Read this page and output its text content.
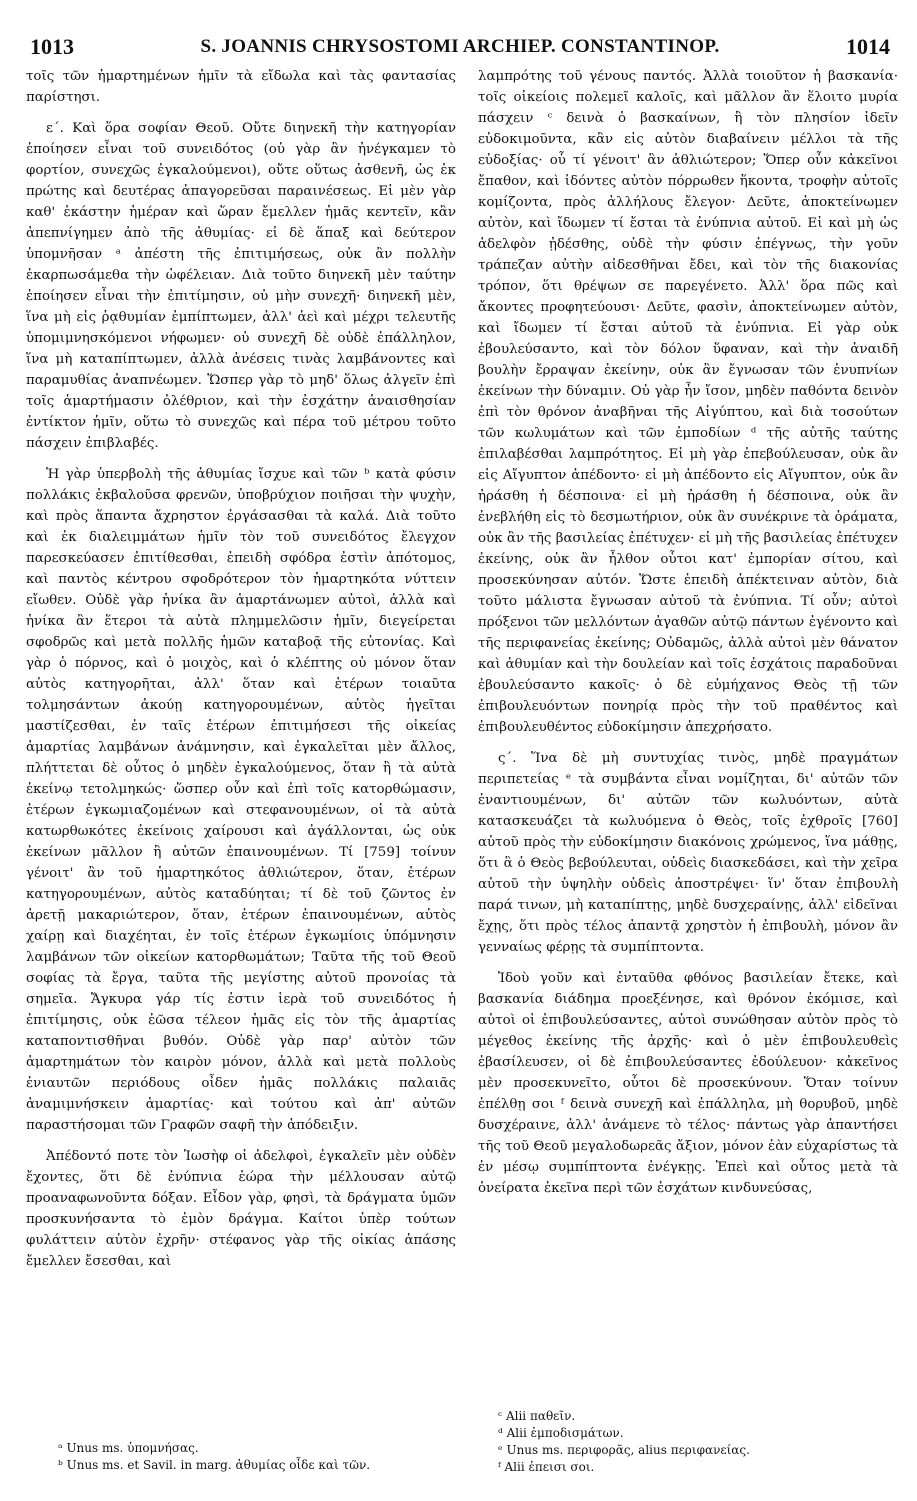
1013	S. JOANNIS CHRYSOSTOMI ARCHIEP. CONSTANTINOP.	1014

τοῖς τῶν ἡμαρτημένων ἡμῖν τὰ εἴδωλα καὶ τὰς φαντασίας παρίστησι.

ε΄. Καὶ ὅρα σοφίαν Θεοῦ. Οὔτε διηνεκῆ τὴν κατηγορίαν ἐποίησεν εἶναι τοῦ συνειδότος (οὐ γὰρ ἂν ἠνέγκαμεν τὸ φορτίον, συνεχῶς ἐγκαλούμενοι), οὔτε οὕτως ἀσθενῆ, ὡς ἐκ πρώτης καὶ δευτέρας ἀπαγορεῦσαι παραινέσεως. Εἰ μὲν γὰρ καθ' ἑκάστην ἡμέραν καὶ ὥραν ἔμελλεν ἡμᾶς κεντεῖν, κἂν ἀπεπνίγημεν ἀπὸ τῆς ἀθυμίας· εἰ δὲ ἅπαξ καὶ δεύτερον ὑπομνῆσαν ᵃ ἀπέστη τῆς ἐπιτιμήσεως, οὐκ ἂν πολλὴν ἐκαρπωσάμεθα τὴν ὠφέλειαν. Διὰ τοῦτο διηνεκῆ μὲν ταύτην ἐποίησεν εἶναι τὴν ἐπιτίμησιν, οὐ μὴν συνεχῆ· διηνεκῆ μὲν, ἵνα μὴ εἰς ῥᾳθυμίαν ἐμπίπτωμεν, ἀλλ' ἀεὶ καὶ μέχρι τελευτῆς ὑπομιμνησκόμενοι νήφωμεν· οὐ συνεχῆ δὲ οὐδὲ ἐπάλληλον, ἵνα μὴ καταπίπτωμεν, ἀλλὰ ἀνέσεις τινὰς λαμβάνοντες καὶ παραμυθίας ἀναπνέωμεν. Ὥσπερ γὰρ τὸ μηδ' ὅλως ἀλγεῖν ἐπὶ τοῖς ἁμαρτήμασιν ὀλέθριον, καὶ τὴν ἐσχάτην ἀναισθησίαν ἐντίκτον ἡμῖν, οὕτω τὸ συνεχῶς καὶ πέρα τοῦ μέτρου τοῦτο πάσχειν ἐπιβλαβές.

Ἡ γὰρ ὑπερβολὴ τῆς ἀθυμίας ἴσχυε καὶ τῶν ᵇ κατὰ φύσιν πολλάκις ἐκβαλοῦσα φρενῶν, ὑποβρύχιον ποιῆσαι τὴν ψυχὴν, καὶ πρὸς ἅπαντα ἄχρηστον ἐργάσασθαι τὰ καλά. Διὰ τοῦτο καὶ ἐκ διαλειμμάτων ἡμῖν τὸν τοῦ συνειδότος ἔλεγχον παρεσκεύασεν ἐπιτίθεσθαι, ἐπειδὴ σφόδρα ἐστὶν ἀπότομος, καὶ παντὸς κέντρου σφοδρότερον τὸν ἡμαρτηκότα νύττειν εἴωθεν. Οὐδὲ γὰρ ἡνίκα ἂν ἁμαρτάνωμεν αὐτοὶ, ἀλλὰ καὶ ἡνίκα ἂν ἕτεροι τὰ αὐτὰ πλημμελῶσιν ἡμῖν, διεγείρεται σφοδρῶς καὶ μετὰ πολλῆς ἡμῶν καταβοᾷ τῆς εὐτονίας. Καὶ γὰρ ὁ πόρνος, καὶ ὁ μοιχὸς, καὶ ὁ κλέπτης οὐ μόνον ὅταν αὐτὸς κατηγορῆται, ἀλλ' ὅταν καὶ ἑτέρων τοιαῦτα τολμησάντων ἀκούῃ κατηγορουμένων, αὐτὸς ἡγεῖται μαστίζεσθαι, ἐν ταῖς ἑτέρων ἐπιτιμήσεσι τῆς οἰκείας ἁμαρτίας λαμβάνων ἀνάμνησιν, καὶ ἐγκαλεῖται μὲν ἄλλος, πλήττεται δὲ οὗτος ὁ μηδὲν ἐγκαλούμενος, ὅταν ἢ τὰ αὐτὰ ἐκείνῳ τετολμηκώς· ὥσπερ οὖν καὶ ἐπὶ τοῖς κατορθώμασιν, ἑτέρων ἐγκωμιαζομένων καὶ στεφανουμένων, οἱ τὰ αὐτὰ κατωρθωκότες ἐκείνοις χαίρουσι καὶ ἀγάλλονται, ὡς οὐκ ἐκείνων μᾶλλον ἢ αὐτῶν ἐπαινουμένων. Τί [759] τοίνυν γένοιτ' ἂν τοῦ ἡμαρτηκότος ἀθλιώτερον, ὅταν, ἑτέρων κατηγορουμένων, αὐτὸς καταδύηται; τί δὲ τοῦ ζῶντος ἐν ἀρετῇ μακαριώτερον, ὅταν, ἑτέρων ἐπαινουμένων, αὐτὸς χαίρῃ καὶ διαχέηται, ἐν τοῖς ἑτέρων ἐγκωμίοις ὑπόμνησιν λαμβάνων τῶν οἰκείων κατορθωμάτων; Ταῦτα τῆς τοῦ Θεοῦ σοφίας τὰ ἔργα, ταῦτα τῆς μεγίστης αὐτοῦ προνοίας τὰ σημεῖα. Ἄγκυρα γάρ τίς ἐστιν ἱερὰ τοῦ συνειδότος ἡ ἐπιτίμησις, οὐκ ἐῶσα τέλεον ἡμᾶς εἰς τὸν τῆς ἁμαρτίας καταποντισθῆναι βυθόν. Οὐδὲ γὰρ παρ' αὐτὸν τῶν ἁμαρτημάτων τὸν καιρὸν μόνον, ἀλλὰ καὶ μετὰ πολλοὺς ἐνιαυτῶν περιόδους οἶδεν ἡμᾶς πολλάκις παλαιᾶς ἀναμιμνήσκειν ἁμαρτίας· καὶ τούτου καὶ ἀπ' αὐτῶν παραστήσομαι τῶν Γραφῶν σαφῆ τὴν ἀπόδειξιν.

Ἀπέδοντό ποτε τὸν Ἰωσὴφ οἱ ἀδελφοὶ, ἐγκαλεῖν μὲν οὐδὲν ἔχοντες, ὅτι δὲ ἐνύπνια ἑώρα τὴν μέλλουσαν αὐτῷ προαναφωνοῦντα δόξαν. Εἶδον γὰρ, φησὶ, τὰ δράγματα ὑμῶν προσκυνήσαντα τὸ ἐμὸν δράγμα. Καίτοι ὑπὲρ τούτων φυλάττειν αὐτὸν ἐχρῆν· στέφανος γὰρ τῆς οἰκίας ἁπάσης ἔμελλεν ἔσεσθαι, καὶ

λαμπρότης τοῦ γένους παντός. Ἀλλὰ τοιοῦτον ἡ βασκανία· τοῖς οἰκείοις πολεμεῖ καλοῖς, καὶ μᾶλλον ἂν ἕλοιτο μυρία πάσχειν ᶜ δεινὰ ὁ βασκαίνων, ἢ τὸν πλησίον ἰδεῖν εὐδοκιμοῦντα, κἂν εἰς αὐτὸν διαβαίνειν μέλλοι τὰ τῆς εὐδοξίας· οὗ τί γένοιτ' ἂν ἀθλιώτερον; Ὅπερ οὖν κἀκεῖνοι ἔπαθον, καὶ ἰδόντες αὐτὸν πόρρωθεν ἥκοντα, τροφὴν αὐτοῖς κομίζοντα, πρὸς ἀλλήλους ἔλεγον· Δεῦτε, ἀποκτείνωμεν αὐτὸν, καὶ ἴδωμεν τί ἔσται τὰ ἐνύπνια αὐτοῦ. Εἰ καὶ μὴ ὡς ἀδελφὸν ᾐδέσθης, οὐδὲ τὴν φύσιν ἐπέγνως, τὴν γοῦν τράπεζαν αὐτὴν αἰδεσθῆναι ἔδει, καὶ τὸν τῆς διακονίας τρόπον, ὅτι θρέψων σε παρεγένετο. Ἀλλ' ὅρα πῶς καὶ ἄκοντες προφητεύουσι· Δεῦτε, φασὶν, ἀποκτείνωμεν αὐτὸν, καὶ ἴδωμεν τί ἔσται αὐτοῦ τὰ ἐνύπνια. Εἰ γὰρ οὐκ ἐβουλεύσαντο, καὶ τὸν δόλον ὕφαναν, καὶ τὴν ἀναιδῆ βουλὴν ἔρραψαν ἐκείνην, οὐκ ἂν ἔγνωσαν τῶν ἐνυπνίων ἐκείνων τὴν δύναμιν. Οὐ γὰρ ἦν ἴσον, μηδὲν παθόντα δεινὸν ἐπὶ τὸν θρόνον ἀναβῆναι τῆς Αἰγύπτου, καὶ διὰ τοσούτων τῶν κωλυμάτων καὶ τῶν ἐμποδίων ᵈ τῆς αὐτῆς ταύτης ἐπιλαβέσθαι λαμπρότητος. Εἰ μὴ γὰρ ἐπεβούλευσαν, οὐκ ἂν εἰς Αἴγυπτον ἀπέδοντο· εἰ μὴ ἀπέδοντο εἰς Αἴγυπτον, οὐκ ἂν ἠράσθη ἡ δέσποινα· εἰ μὴ ἠράσθη ἡ δέσποινα, οὐκ ἂν ἐνεβλήθη εἰς τὸ δεσμωτήριον, οὐκ ἂν συνέκρινε τὰ ὁράματα, οὐκ ἂν τῆς βασιλείας ἐπέτυχεν· εἰ μὴ τῆς βασιλείας ἐπέτυχεν ἐκείνης, οὐκ ἂν ἦλθον οὗτοι κατ' ἐμπορίαν σίτου, καὶ προσεκύνησαν αὐτόν. Ὥστε ἐπειδὴ ἀπέκτειναν αὐτὸν, διὰ τοῦτο μάλιστα ἔγνωσαν αὐτοῦ τὰ ἐνύπνια. Τί οὖν; αὐτοὶ πρόξενοι τῶν μελλόντων ἀγαθῶν αὐτῷ πάντων ἐγένοντο καὶ τῆς περιφανείας ἐκείνης; Οὐδαμῶς, ἀλλὰ αὐτοὶ μὲν θάνατον καὶ ἀθυμίαν καὶ τὴν δουλείαν καὶ τοῖς ἐσχάτοις παραδοῦναι ἐβουλεύσαντο κακοῖς· ὁ δὲ εὐμήχανος Θεὸς τῇ τῶν ἐπιβουλευόντων πονηρίᾳ πρὸς τὴν τοῦ πραθέντος καὶ ἐπιβουλευθέντος εὐδοκίμησιν ἀπεχρήσατο.

ς΄. Ἵνα δὲ μὴ συντυχίας τινὸς, μηδὲ πραγμάτων περιπετείας ᵉ τὰ συμβάντα εἶναι νομίζηται, δι' αὐτῶν τῶν ἐναντιουμένων, δι' αὐτῶν τῶν κωλυόντων, αὐτὰ κατασκευάζει τὰ κωλυόμενα ὁ Θεὸς, τοῖς ἐχθροῖς [760] αὐτοῦ πρὸς τὴν εὐδοκίμησιν διακόνοις χρώμενος, ἵνα μάθῃς, ὅτι ἃ ὁ Θεὸς βεβούλευται, οὐδεὶς διασκεδάσει, καὶ τὴν χεῖρα αὐτοῦ τὴν ὑψηλὴν οὐδεὶς ἀποστρέψει· ἵν' ὅταν ἐπιβουλὴ παρά τινων, μὴ καταπίπτῃς, μηδὲ δυσχεραίνῃς, ἀλλ' εἰδεῖναι ἔχῃς, ὅτι πρὸς τέλος ἀπαντᾷ χρηστὸν ἡ ἐπιβουλὴ, μόνον ἂν γενναίως φέρῃς τὰ συμπίπτοντα.

Ἰδοὺ γοῦν καὶ ἐνταῦθα φθόνος βασιλείαν ἔτεκε, καὶ βασκανία διάδημα προεξένησε, καὶ θρόνον ἐκόμισε, καὶ αὐτοὶ οἱ ἐπιβουλεύσαντες, αὐτοὶ συνώθησαν αὐτὸν πρὸς τὸ μέγεθος ἐκείνης τῆς ἀρχῆς· καὶ ὁ μὲν ἐπιβουλευθεὶς ἐβασίλευσεν, οἱ δὲ ἐπιβουλεύσαντες ἐδούλευον· κἀκεῖνος μὲν προσεκυνεῖτο, οὗτοι δὲ προσεκύνουν. Ὅταν τοίνυν ἐπέλθῃ σοι ᶠ δεινὰ συνεχῆ καὶ ἐπάλληλα, μὴ θορυβοῦ, μηδὲ δυσχέραινε, ἀλλ' ἀνάμενε τὸ τέλος· πάντως γὰρ ἀπαντήσει τῆς τοῦ Θεοῦ μεγαλοδωρεᾶς ἄξιον, μόνον ἐὰν εὐχαρίστως τὰ ἐν μέσῳ συμπίπτοντα ἐνέγκῃς. Ἐπεὶ καὶ οὗτος μετὰ τὰ ὀνείρατα ἐκεῖνα περὶ τῶν ἐσχάτων κινδυνεύσας,

ᵃ Unus ms. ὑπομνήσας.
ᵇ Unus ms. et Savil. in marg. ἀθυμίας οἶδε καὶ τῶν.
ᶜ Alii παθεῖν.
ᵈ Alii ἐμποδισμάτων.
ᵉ Unus ms. περιφορᾶς, alius περιφανείας.
ᶠ Alii ἐπεισι σοι.
